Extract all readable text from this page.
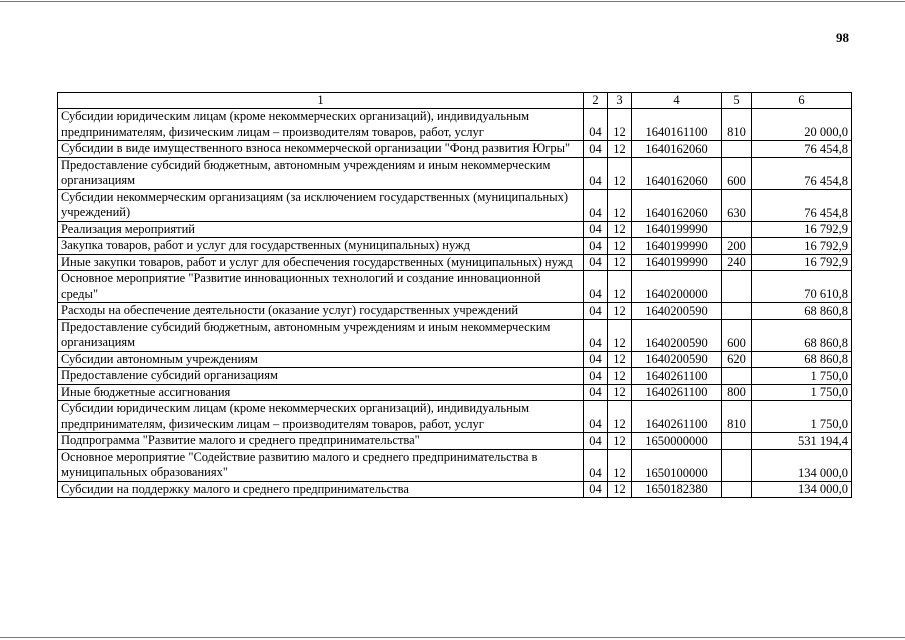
98
1	2	3	4	5	6
Субсидии юридическим лицам (кроме некоммерческих организаций), индивидуальным предпринимателям, физическим лицам – производителям товаров, работ, услуг	04	12	1640161100	810	20 000,0
Субсидии в виде имущественного взноса некоммерческой организации "Фонд развития Югры"	04	12	1640162060		76 454,8
Предоставление субсидий бюджетным, автономным учреждениям и иным некоммерческим организациям	04	12	1640162060	600	76 454,8
Субсидии некоммерческим организациям (за исключением государственных (муниципальных) учреждений)	04	12	1640162060	630	76 454,8
Реализация мероприятий	04	12	1640199990		16 792,9
Закупка товаров, работ и услуг для государственных (муниципальных) нужд	04	12	1640199990	200	16 792,9
Иные закупки товаров, работ и услуг для обеспечения государственных (муниципальных) нужд	04	12	1640199990	240	16 792,9
Основное мероприятие "Развитие инновационных технологий и создание инновационной среды"	04	12	1640200000		70 610,8
Расходы на обеспечение деятельности (оказание услуг) государственных учреждений	04	12	1640200590		68 860,8
Предоставление субсидий бюджетным, автономным учреждениям и иным некоммерческим организациям	04	12	1640200590	600	68 860,8
Субсидии автономным учреждениям	04	12	1640200590	620	68 860,8
Предоставление субсидий организациям	04	12	1640261100		1 750,0
Иные бюджетные ассигнования	04	12	1640261100	800	1 750,0
Субсидии юридическим лицам (кроме некоммерческих организаций), индивидуальным предпринимателям, физическим лицам – производителям товаров, работ, услуг	04	12	1640261100	810	1 750,0
Подпрограмма "Развитие малого и среднего предпринимательства"	04	12	1650000000		531 194,4
Основное мероприятие "Содействие развитию малого и среднего предпринимательства в муниципальных образованиях"	04	12	1650100000		134 000,0
Субсидии на поддержку малого и среднего предпринимательства	04	12	1650182380		134 000,0
